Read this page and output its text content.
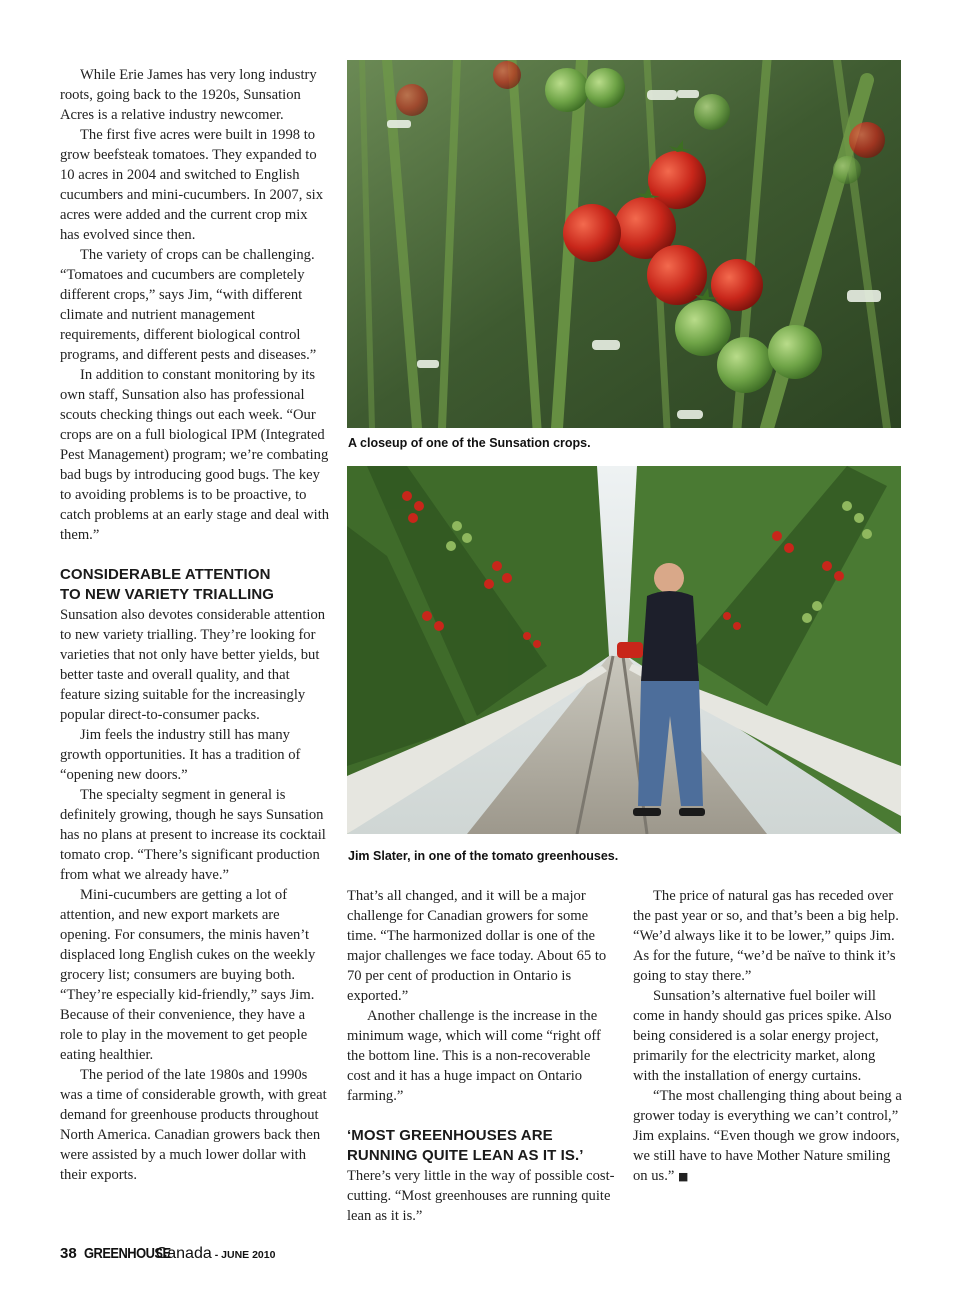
While Erie James has very long industry roots, going back to the 1920s, Sunsation Acres is a relative industry newcomer.

The first five acres were built in 1998 to grow beefsteak tomatoes. They expanded to 10 acres in 2004 and switched to English cucumbers and mini-cucumbers. In 2007, six acres were added and the current crop mix has evolved since then.

The variety of crops can be challenging. “Tomatoes and cucumbers are completely different crops,” says Jim, “with different climate and nutrient management requirements, different biological control programs, and different pests and diseases.”

In addition to constant monitoring by its own staff, Sunsation also has professional scouts checking things out each week. “Our crops are on a full biological IPM (Integrated Pest Management) program; we’re combating bad bugs by introducing good bugs. The key to avoiding problems is to be proactive, to catch problems at an early stage and deal with them.”

CONSIDERABLE ATTENTION
TO NEW VARIETY TRIALLING

Sunsation also devotes considerable attention to new variety trialling. They’re looking for varieties that not only have better yields, but better taste and overall quality, and that feature sizing suitable for the increasingly popular direct-to-consumer packs.

Jim feels the industry still has many growth opportunities. It has a tradition of “opening new doors.”

The specialty segment in general is definitely growing, though he says Sunsation has no plans at present to increase its cocktail tomato crop. “There’s significant production from what we already have.”

Mini-cucumbers are getting a lot of attention, and new export markets are opening. For consumers, the minis haven’t displaced long English cukes on the weekly grocery list; consumers are buying both. “They’re especially kid-friendly,” says Jim. Because of their convenience, they have a role to play in the movement to get people eating healthier.

The period of the late 1980s and 1990s was a time of considerable growth, with great demand for greenhouse products throughout North America. Canadian growers back then were assisted by a much lower dollar with their exports.

A closeup of one of the Sunsation crops.
Jim Slater, in one of the tomato greenhouses.

That’s all changed, and it will be a major challenge for Canadian growers for some time. “The harmonized dollar is one of the major challenges we face today. About 65 to 70 per cent of production in Ontario is exported.”

Another challenge is the increase in the minimum wage, which will come “right off the bottom line. This is a non-recoverable cost and it has a huge impact on Ontario farming.”

‘MOST GREENHOUSES ARE
RUNNING QUITE LEAN AS IT IS.’

There’s very little in the way of possible cost-cutting. “Most greenhouses are running quite lean as it is.”

The price of natural gas has receded over the past year or so, and that’s been a big help. “We’d always like it to be lower,” quips Jim. As for the future, “we’d be naïve to think it’s going to stay there.”

Sunsation’s alternative fuel boiler will come in handy should gas prices spike. Also being considered is a solar energy project, primarily for the electricity market, along with the installation of energy curtains.

“The most challenging thing about being a grower today is everything we can’t control,” Jim explains. “Even though we grow indoors, we still have to have Mother Nature smiling on us.” ■

38 GREENHOUSE
Canada - JUNE 2010
